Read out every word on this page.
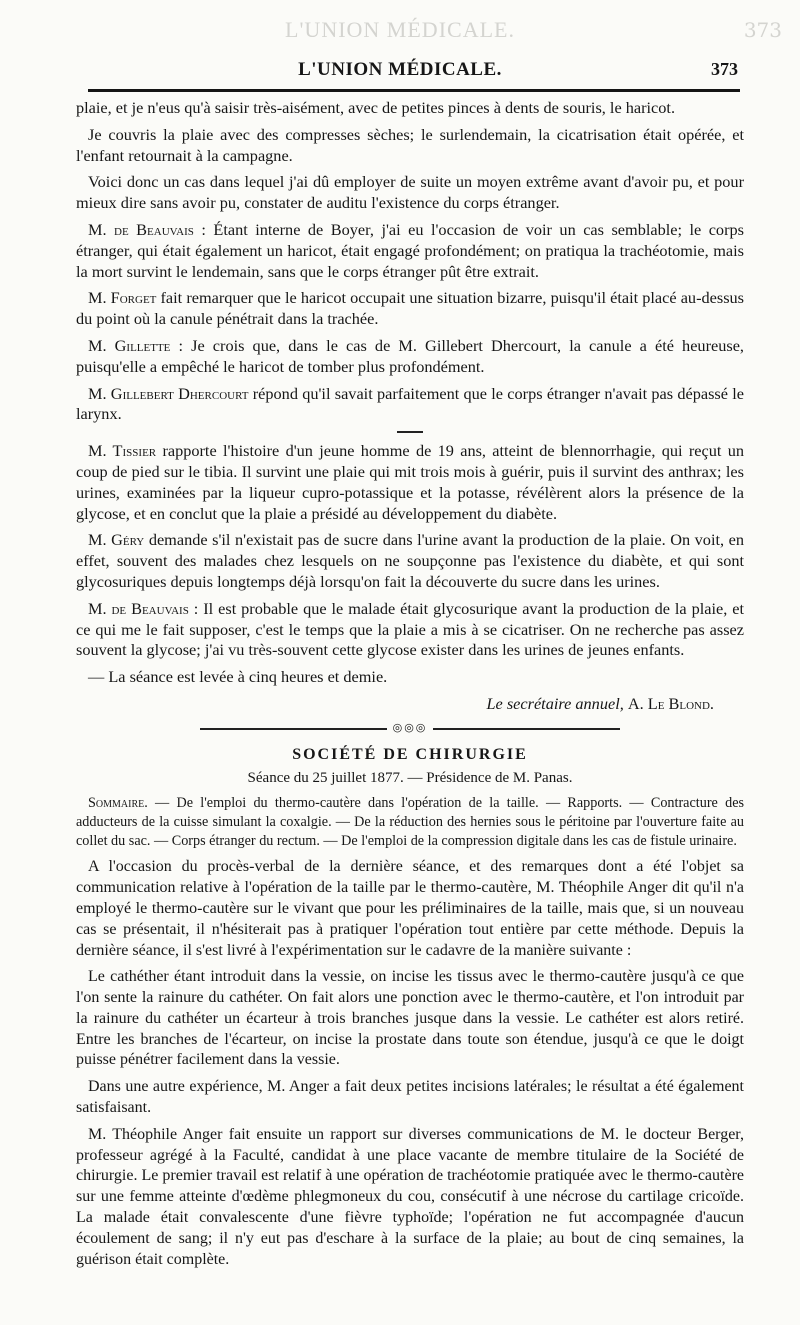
L'UNION MÉDICALE.	373
L'UNION MÉDICALE.	373

plaie, et je n'eus qu'à saisir très-aisément, avec de petites pinces à dents de souris, le haricot.

Je couvris la plaie avec des compresses sèches; le surlendemain, la cicatrisation était opérée, et l'enfant retournait à la campagne.

Voici donc un cas dans lequel j'ai dû employer de suite un moyen extrême avant d'avoir pu, et pour mieux dire sans avoir pu, constater de auditu l'existence du corps étranger.

M. de Beauvais : Étant interne de Boyer, j'ai eu l'occasion de voir un cas semblable; le corps étranger, qui était également un haricot, était engagé profondément; on pratiqua la trachéotomie, mais la mort survint le lendemain, sans que le corps étranger pût être extrait.

M. Forget fait remarquer que le haricot occupait une situation bizarre, puisqu'il était placé au-dessus du point où la canule pénétrait dans la trachée.

M. Gillette : Je crois que, dans le cas de M. Gillebert Dhercourt, la canule a été heureuse, puisqu'elle a empêché le haricot de tomber plus profondément.

M. Gillebert Dhercourt répond qu'il savait parfaitement que le corps étranger n'avait pas dépassé le larynx.

M. Tissier rapporte l'histoire d'un jeune homme de 19 ans, atteint de blennorrhagie, qui reçut un coup de pied sur le tibia. Il survint une plaie qui mit trois mois à guérir, puis il survint des anthrax; les urines, examinées par la liqueur cupro-potassique et la potasse, révélèrent alors la présence de la glycose, et en conclut que la plaie a présidé au développement du diabète.

M. Géry demande s'il n'existait pas de sucre dans l'urine avant la production de la plaie. On voit, en effet, souvent des malades chez lesquels on ne soupçonne pas l'existence du diabète, et qui sont glycosuriques depuis longtemps déjà lorsqu'on fait la découverte du sucre dans les urines.

M. de Beauvais : Il est probable que le malade était glycosurique avant la production de la plaie, et ce qui me le fait supposer, c'est le temps que la plaie a mis à se cicatriser. On ne recherche pas assez souvent la glycose; j'ai vu très-souvent cette glycose exister dans les urines de jeunes enfants.

— La séance est levée à cinq heures et demie.

Le secrétaire annuel, A. Le Blond.
◎◎◎
SOCIÉTÉ DE CHIRURGIE
Séance du 25 juillet 1877. — Présidence de M. Panas.

Sommaire. — De l'emploi du thermo-cautère dans l'opération de la taille. — Rapports. — Contracture des adducteurs de la cuisse simulant la coxalgie. — De la réduction des hernies sous le péritoine par l'ouverture faite au collet du sac. — Corps étranger du rectum. — De l'emploi de la compression digitale dans les cas de fistule urinaire.

A l'occasion du procès-verbal de la dernière séance, et des remarques dont a été l'objet sa communication relative à l'opération de la taille par le thermo-cautère, M. Théophile Anger dit qu'il n'a employé le thermo-cautère sur le vivant que pour les préliminaires de la taille, mais que, si un nouveau cas se présentait, il n'hésiterait pas à pratiquer l'opération tout entière par cette méthode. Depuis la dernière séance, il s'est livré à l'expérimentation sur le cadavre de la manière suivante :

Le cathéther étant introduit dans la vessie, on incise les tissus avec le thermo-cautère jusqu'à ce que l'on sente la rainure du cathéter. On fait alors une ponction avec le thermo-cautère, et l'on introduit par la rainure du cathéter un écarteur à trois branches jusque dans la vessie. Le cathéter est alors retiré. Entre les branches de l'écarteur, on incise la prostate dans toute son étendue, jusqu'à ce que le doigt puisse pénétrer facilement dans la vessie.

Dans une autre expérience, M. Anger a fait deux petites incisions latérales; le résultat a été également satisfaisant.

M. Théophile Anger fait ensuite un rapport sur diverses communications de M. le docteur Berger, professeur agrégé à la Faculté, candidat à une place vacante de membre titulaire de la Société de chirurgie. Le premier travail est relatif à une opération de trachéotomie pratiquée avec le thermo-cautère sur une femme atteinte d'œdème phlegmoneux du cou, consécutif à une nécrose du cartilage cricoïde. La malade était convalescente d'une fièvre typhoïde; l'opération ne fut accompagnée d'aucun écoulement de sang; il n'y eut pas d'eschare à la surface de la plaie; au bout de cinq semaines, la guérison était complète.
